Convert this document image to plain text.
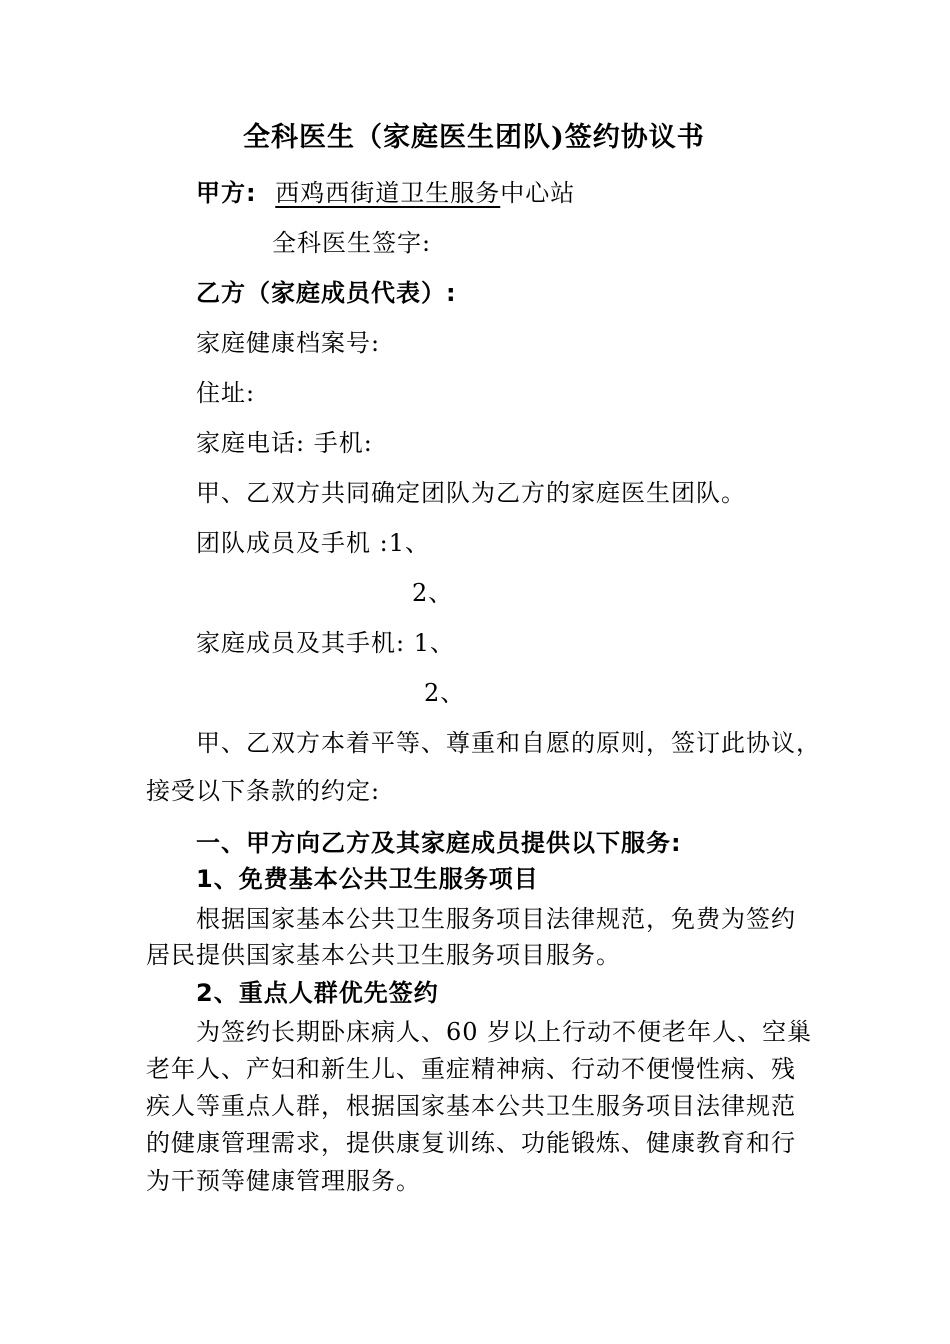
全科医生（家庭医生团队)签约协议书
甲方: 西鸡西街道卫生服务中心站
全科医生签字:
乙方（家庭成员代表）:
家庭健康档案号:
住址:
家庭电话: 手机:
甲、乙双方共同确定团队为乙方的家庭医生团队。
团队成员及手机 :1、
2、
家庭成员及其手机: 1、
2、
甲、乙双方本着平等、尊重和自愿的原则，签订此协议，
接受以下条款的约定:
一、甲方向乙方及其家庭成员提供以下服务:
1、免费基本公共卫生服务项目
根据国家基本公共卫生服务项目法律规范，免费为签约
居民提供国家基本公共卫生服务项目服务。
2、重点人群优先签约
为签约长期卧床病人、60 岁以上行动不便老年人、空巢
老年人、产妇和新生儿、重症精神病、行动不便慢性病、残
疾人等重点人群，根据国家基本公共卫生服务项目法律规范
的健康管理需求，提供康复训练、功能锻炼、健康教育和行
为干预等健康管理服务。
